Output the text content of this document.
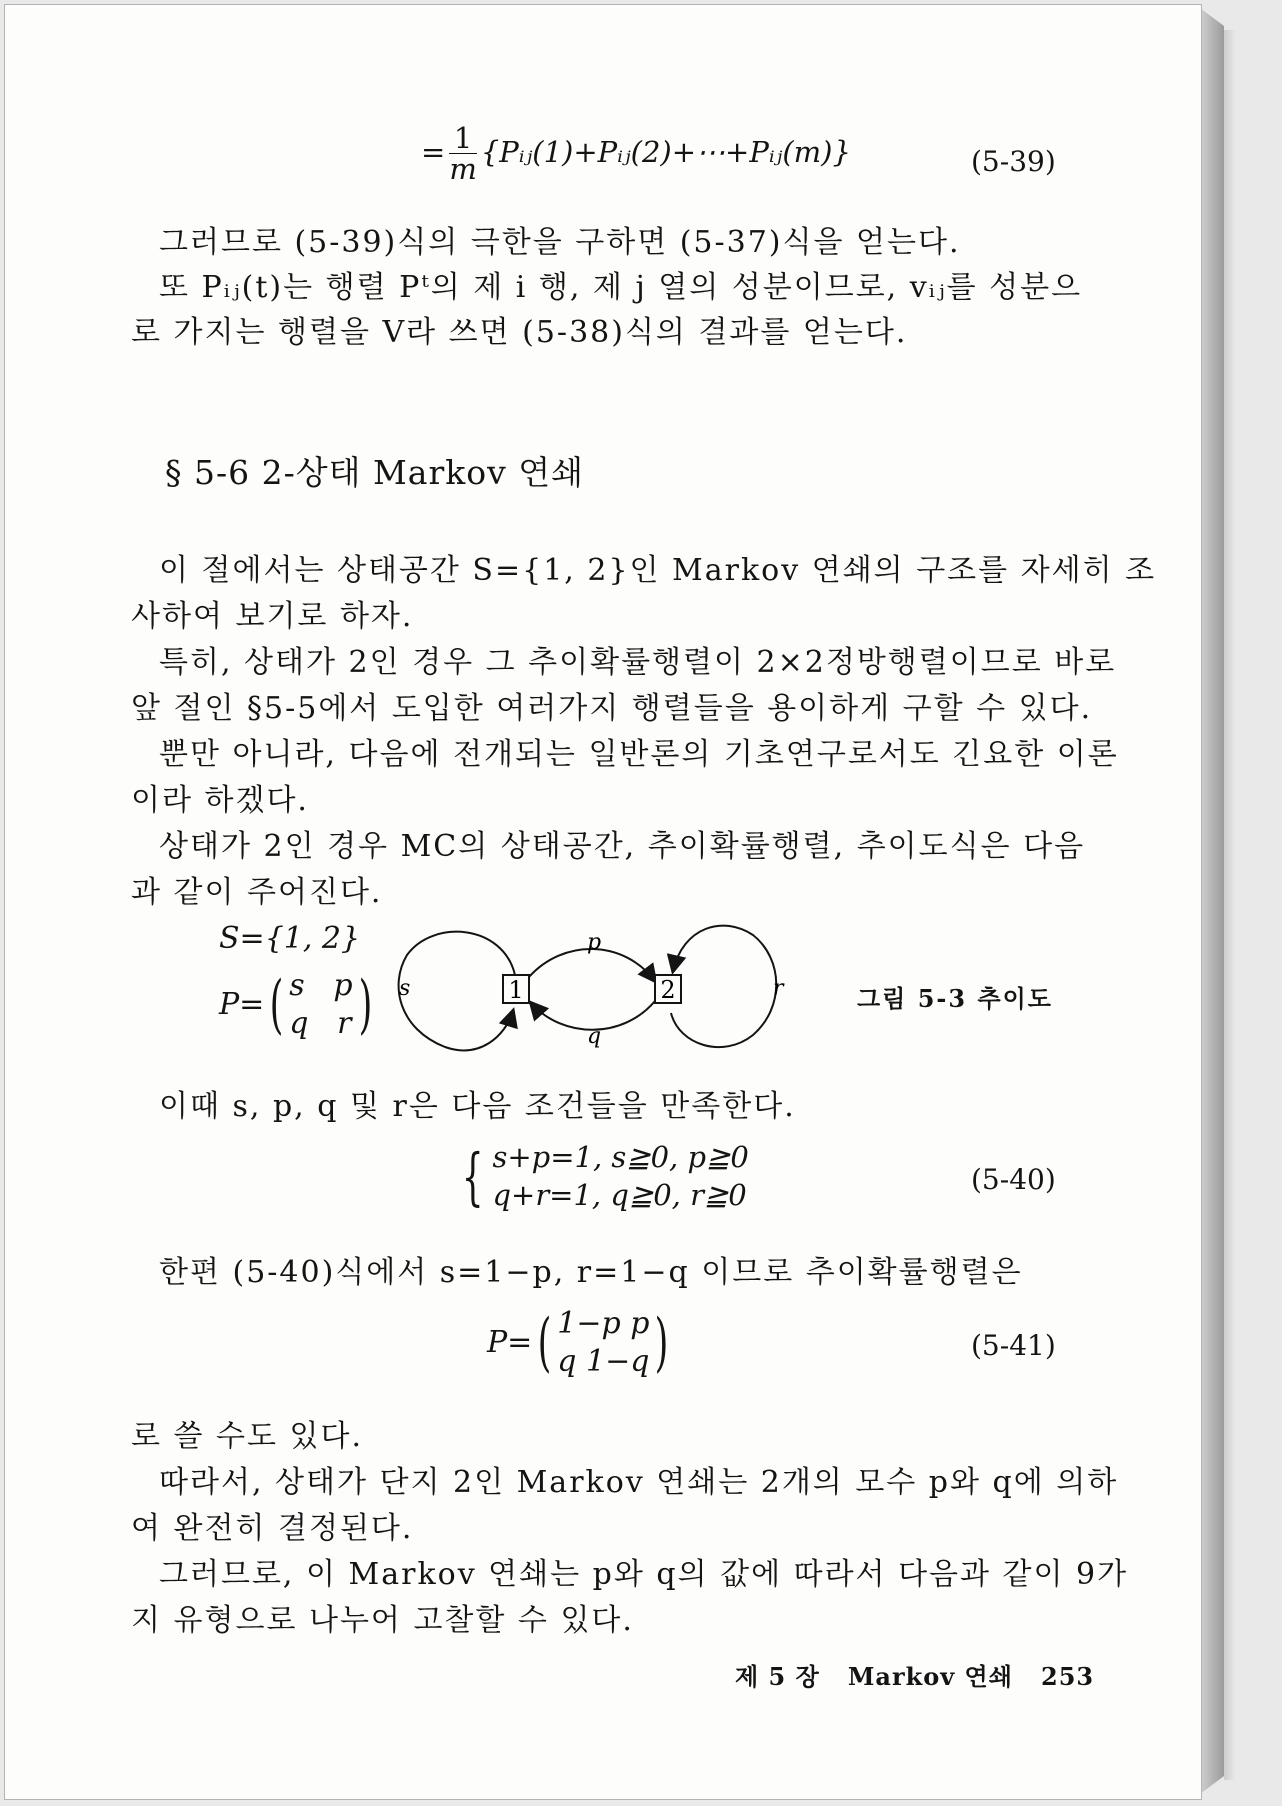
= $\frac{1}{m}$ {Pᵢⱼ(1)+Pᵢⱼ(2)+⋯+Pᵢⱼ(m)}	(5-39)
그러므로 (5-39)식의 극한을 구하면 (5-37)식을 얻는다.
또 Pᵢⱼ(t)는 행렬 Pᵗ의 제 i 행, 제 j 열의 성분이므로, vᵢⱼ를 성분으
로 가지는 행렬을 V라 쓰면 (5-38)식의 결과를 얻는다.
§ 5-6 2-상태 Markov 연쇄
이 절에서는 상태공간 S={1, 2}인 Markov 연쇄의 구조를 자세히 조
사하여 보기로 하자.
특히, 상태가 2인 경우 그 추이확률행렬이 2×2정방행렬이므로 바로
앞 절인 §5-5에서 도입한 여러가지 행렬들을 용이하게 구할 수 있다.
뿐만 아니라, 다음에 전개되는 일반론의 기초연구로서도 긴요한 이론
이라 하겠다.
상태가 2인 경우 MC의 상태공간, 추이확률행렬, 추이도식은 다음
과 같이 주어진다.
S={1, 2}
P=( s p
q r )	1	2
s
p
q
r	그림 5-3 추이도
이때 s, p, q 및 r은 다음 조건들을 만족한다.
{ s+p=1, s≧0, p≧0
q+r=1, q≧0, r≧0	(5-40)
한편 (5-40)식에서 s=1−p, r=1−q 이므로 추이확률행렬은
P=( 1−p p
q 1−q)	(5-41)
로 쓸 수도 있다.
따라서, 상태가 단지 2인 Markov 연쇄는 2개의 모수 p와 q에 의하
여 완전히 결정된다.
그러므로, 이 Markov 연쇄는 p와 q의 값에 따라서 다음과 같이 9가
지 유형으로 나누어 고찰할 수 있다.
제 5 장 Markov 연쇄 253
